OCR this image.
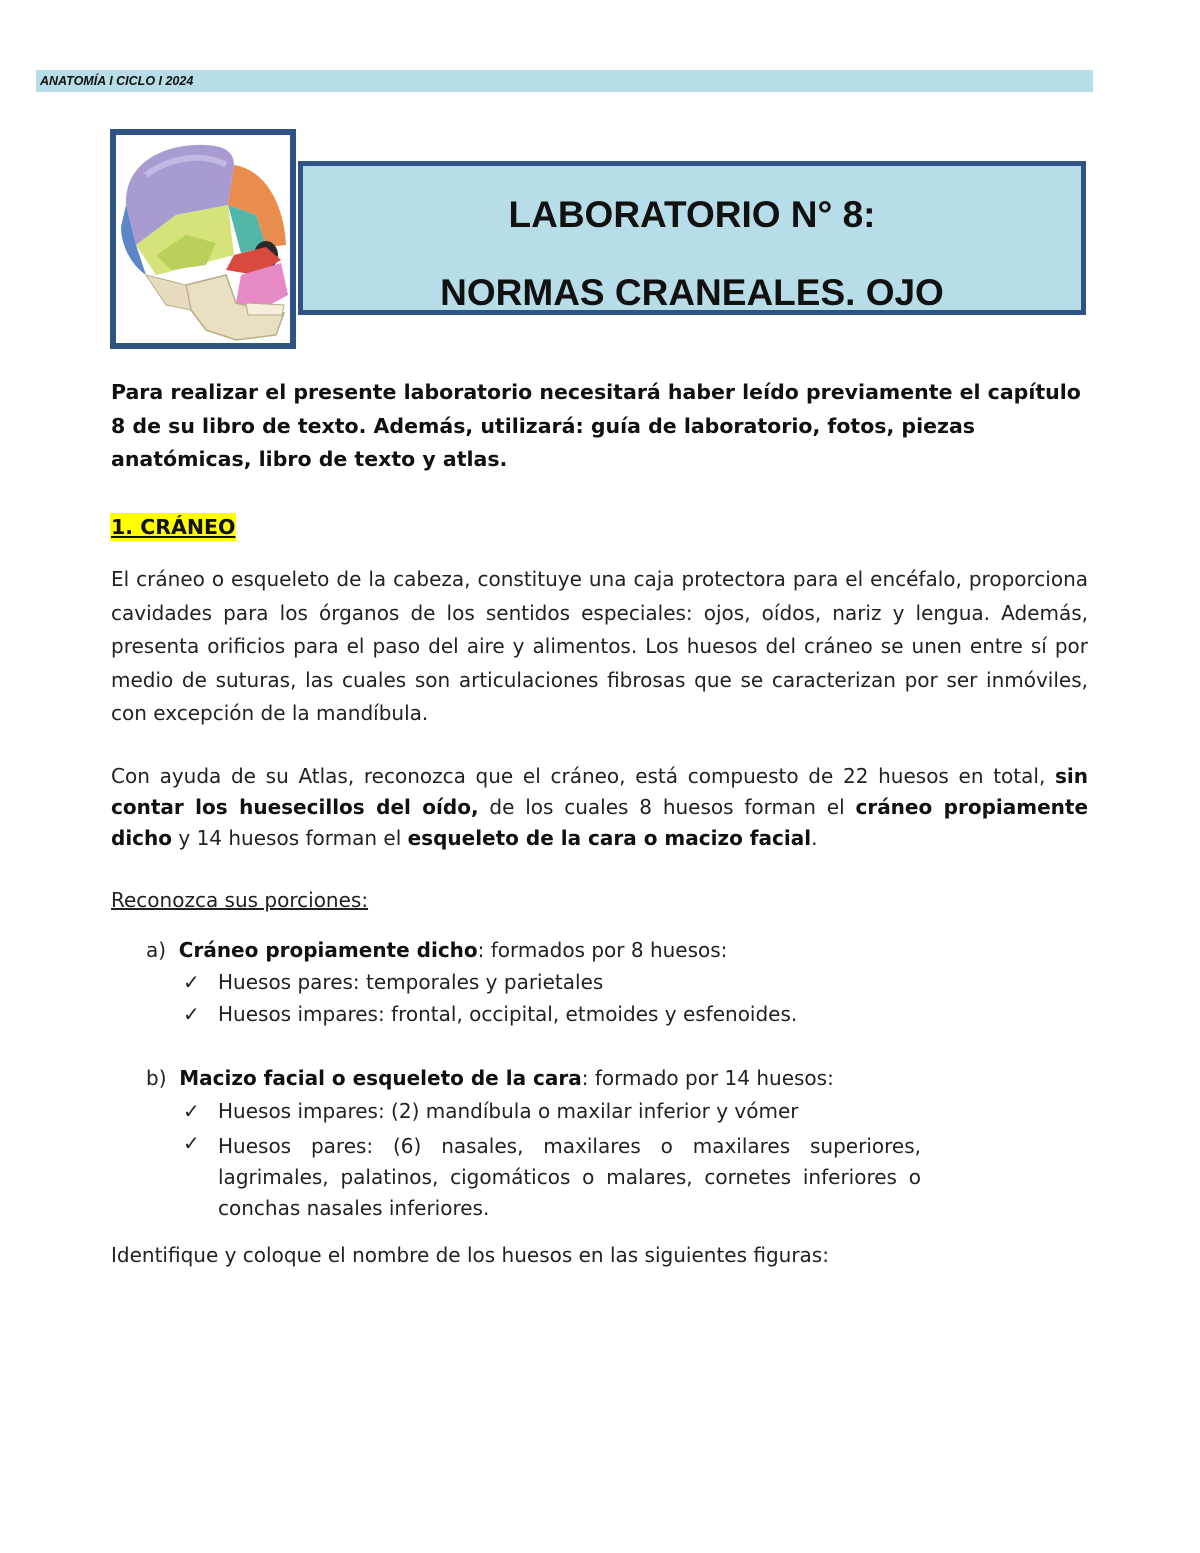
ANATOMÍA I CICLO I 2024
LABORATORIO N° 8:
NORMAS CRANEALES. OJO
Para realizar el presente laboratorio necesitará haber leído previamente el capítulo 8 de su libro de texto. Además, utilizará: guía de laboratorio, fotos, piezas anatómicas, libro de texto y atlas.
1. CRÁNEO
El cráneo o esqueleto de la cabeza, constituye una caja protectora para el encéfalo, proporciona cavidades para los órganos de los sentidos especiales: ojos, oídos, nariz y lengua. Además, presenta orificios para el paso del aire y alimentos. Los huesos del cráneo se unen entre sí por medio de suturas, las cuales son articulaciones fibrosas que se caracterizan por ser inmóviles, con excepción de la mandíbula.
Con ayuda de su Atlas, reconozca que el cráneo, está compuesto de 22 huesos en total, sin contar los huesecillos del oído, de los cuales 8 huesos forman el cráneo propiamente dicho y 14 huesos forman el esqueleto de la cara o macizo facial.
Reconozca sus porciones:
a) Cráneo propiamente dicho: formados por 8 huesos:
✓ Huesos pares: temporales y parietales
✓ Huesos impares: frontal, occipital, etmoides y esfenoides.
b) Macizo facial o esqueleto de la cara: formado por 14 huesos:
✓ Huesos impares: (2) mandíbula o maxilar inferior y vómer
✓ Huesos pares: (6) nasales, maxilares o maxilares superiores, lagrimales, palatinos, cigomáticos o malares, cornetes inferiores o conchas nasales inferiores.
Identifique y coloque el nombre de los huesos en las siguientes figuras:
